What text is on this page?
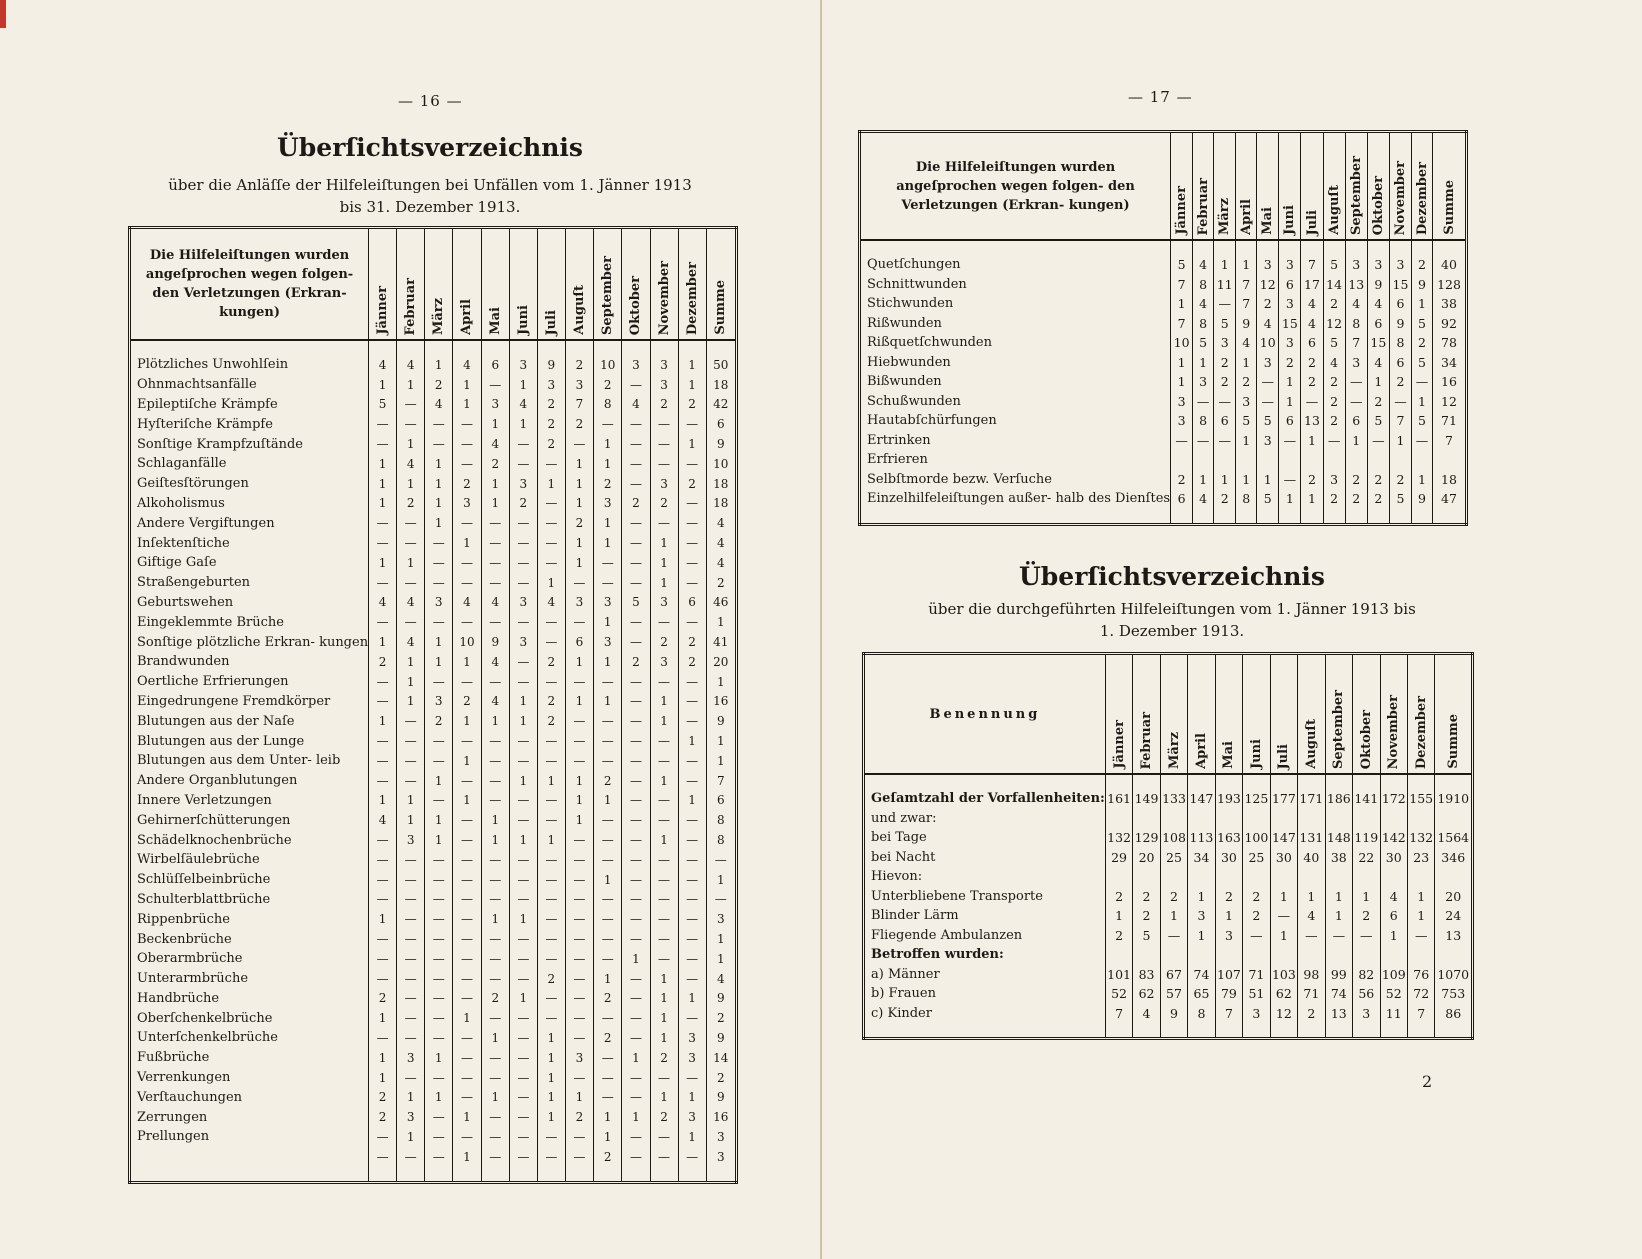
— 16 —
Überſichtsverzeichnis
über die Anläſſe der Hilfeleiſtungen bei Unfällen vom 1. Jänner 1913
bis 31. Dezember 1913.
Die Hilfeleiſtungen wurden angeſprochen wegen folgen- den Verletzungen (Erkran- kungen)	Jänner	Februar	März	April	Mai	Juni	Juli	Auguſt	September	Oktober	November	Dezember	Summe

Plötzliches Unwohlſein	4	4	1	4	6	3	9	2	10	3	3	1	50
Ohnmachtsanfälle	1	1	2	1	—	1	3	3	2	—	3	1	18
Epileptiſche Krämpfe	5	—	4	1	3	4	2	7	8	4	2	2	42
Hyſteriſche Krämpfe	—	—	—	—	1	1	2	2	—	—	—	—	6
Sonſtige Krampfzuſtände	—	1	—	—	4	—	2	—	1	—	—	1	9
Schlaganfälle	1	4	1	—	2	—	—	1	1	—	—	—	10
Geiſtesſtörungen	1	1	1	2	1	3	1	1	2	—	3	2	18
Alkoholismus	1	2	1	3	1	2	—	1	3	2	2	—	18
Andere Vergiftungen	—	—	1	—	—	—	—	2	1	—	—	—	4
Inſektenſtiche	—	—	—	1	—	—	—	1	1	—	1	—	4
Giftige Gaſe	1	1	—	—	—	—	—	1	—	—	1	—	4
Straßengeburten	—	—	—	—	—	—	1	—	—	—	1	—	2
Geburtswehen	4	4	3	4	4	3	4	3	3	5	3	6	46
Eingeklemmte Brüche	—	—	—	—	—	—	—	—	1	—	—	—	1
Sonſtige plötzliche Erkran- kungen	1	4	1	10	9	3	—	6	3	—	2	2	41
Brandwunden	2	1	1	1	4	—	2	1	1	2	3	2	20
Oertliche Erfrierungen	—	1	—	—	—	—	—	—	—	—	—	—	1
Eingedrungene Fremdkörper	—	1	3	2	4	1	2	1	1	—	1	—	16
Blutungen aus der Naſe	1	—	2	1	1	1	2	—	—	—	1	—	9
Blutungen aus der Lunge	—	—	—	—	—	—	—	—	—	—	—	1	1
Blutungen aus dem Unter- leib	—	—	—	1	—	—	—	—	—	—	—	—	1
Andere Organblutungen	—	—	1	—	—	1	1	1	2	—	1	—	7
Innere Verletzungen	1	1	—	1	—	—	—	1	1	—	—	1	6
Gehirnerſchütterungen	4	1	1	—	1	—	—	1	—	—	—	—	8
Schädelknochenbrüche	—	3	1	—	1	1	1	—	—	—	1	—	8
Wirbelſäulebrüche	—	—	—	—	—	—	—	—	—	—	—	—	—
Schlüſſelbeinbrüche	—	—	—	—	—	—	—	—	1	—	—	—	1
Schulterblattbrüche	—	—	—	—	—	—	—	—	—	—	—	—	—
Rippenbrüche	1	—	—	—	1	1	—	—	—	—	—	—	3
Beckenbrüche	—	—	—	—	—	—	—	—	—	—	—	—	1
Oberarmbrüche	—	—	—	—	—	—	—	—	—	1	—	—	1
Unterarmbrüche	—	—	—	—	—	—	2	—	1	—	1	—	4
Handbrüche	2	—	—	—	2	1	—	—	2	—	1	1	9
Oberſchenkelbrüche	1	—	—	1	—	—	—	—	—	—	1	—	2
Unterſchenkelbrüche	—	—	—	—	1	—	1	—	2	—	1	3	9
Fußbrüche	1	3	1	—	—	—	1	3	—	1	2	3	14
Verrenkungen	1	—	—	—	—	—	1	—	—	—	—	—	2
Verſtauchungen	2	1	1	—	1	—	1	1	—	—	1	1	9
Zerrungen	2	3	—	1	—	—	1	2	1	1	2	3	16
Prellungen	—	1	—	—	—	—	—	—	1	—	—	1	3
	—	—	—	1	—	—	—	—	2	—	—	—	3

— 17 —
Die Hilfeleiſtungen wurden angeſprochen wegen folgen- den Verletzungen (Erkran- kungen)	Jänner	Februar	März	April	Mai	Juni	Juli	Auguſt	September	Oktober	November	Dezember	Summe

Quetſchungen	5	4	1	1	3	3	7	5	3	3	3	2	40
Schnittwunden	7	8	11	7	12	6	17	14	13	9	15	9	128
Stichwunden	1	4	—	7	2	3	4	2	4	4	6	1	38
Rißwunden	7	8	5	9	4	15	4	12	8	6	9	5	92
Rißquetſchwunden	10	5	3	4	10	3	6	5	7	15	8	2	78
Hiebwunden	1	1	2	1	3	2	2	4	3	4	6	5	34
Bißwunden	1	3	2	2	—	1	2	2	—	1	2	—	16
Schußwunden	3	—	—	3	—	1	—	2	—	2	—	1	12
Hautabſchürfungen	3	8	6	5	5	6	13	2	6	5	7	5	71
Ertrinken	—	—	—	1	3	—	1	—	1	—	1	—	7
Erfrieren													
Selbſtmorde bezw. Verſuche	2	1	1	1	1	—	2	3	2	2	2	1	18
Einzelhilfeleiſtungen außer- halb des Dienſtes	6	4	2	8	5	1	1	2	2	2	5	9	47

Überſichtsverzeichnis
über die durchgeführten Hilfeleiſtungen vom 1. Jänner 1913 bis
1. Dezember 1913.
Benennung	Jänner	Februar	März	April	Mai	Juni	Juli	Auguſt	September	Oktober	November	Dezember	Summe

Geſamtzahl der Vorfallenheiten:	161	149	133	147	193	125	177	171	186	141	172	155	1910
und zwar:													
bei Tage	132	129	108	113	163	100	147	131	148	119	142	132	1564
bei Nacht	29	20	25	34	30	25	30	40	38	22	30	23	346
Hievon:													
Unterbliebene Transporte	2	2	2	1	2	2	1	1	1	1	4	1	20
Blinder Lärm	1	2	1	3	1	2	—	4	1	2	6	1	24
Fliegende Ambulanzen	2	5	—	1	3	—	1	—	—	—	1	—	13
Betroffen wurden:													
a) Männer	101	83	67	74	107	71	103	98	99	82	109	76	1070
b) Frauen	52	62	57	65	79	51	62	71	74	56	52	72	753
c) Kinder	7	4	9	8	7	3	12	2	13	3	11	7	86

2
